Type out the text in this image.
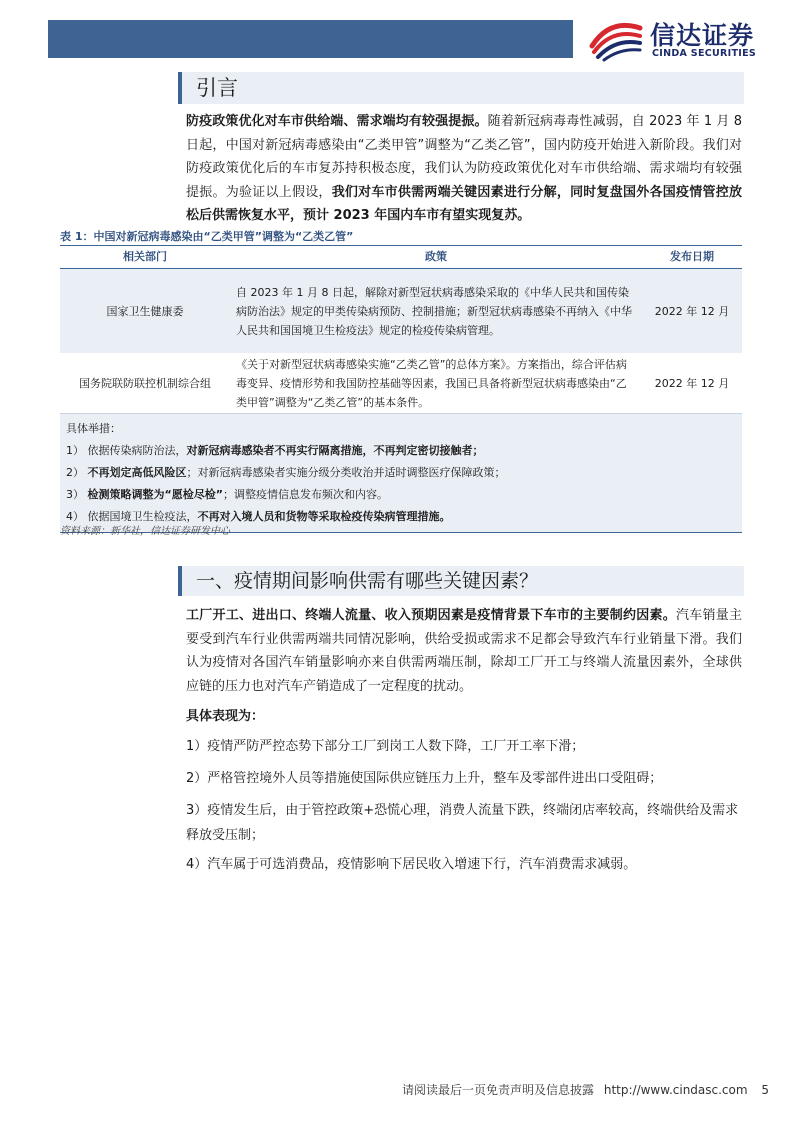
信达证券
CINDA SECURITIES
引言
防疫政策优化对车市供给端、需求端均有较强提振。随着新冠病毒毒性减弱，自 2023 年 1 月 8 日起，中国对新冠病毒感染由“乙类甲管”调整为“乙类乙管”，国内防疫开始进入新阶段。我们对防疫政策优化后的车市复苏持积极态度，我们认为防疫政策优化对车市供给端、需求端均有较强提振。为验证以上假设，我们对车市供需两端关键因素进行分解，同时复盘国外各国疫情管控放松后供需恢复水平，预计 2023 年国内车市有望实现复苏。
表 1：中国对新冠病毒感染由“乙类甲管”调整为“乙类乙管”
相关部门	政策	发布日期
国家卫生健康委
自 2023 年 1 月 8 日起，解除对新型冠状病毒感染采取的《中华人民共和国传染病防治法》规定的甲类传染病预防、控制措施；新型冠状病毒感染不再纳入《中华人民共和国国境卫生检疫法》规定的检疫传染病管理。
2022 年 12 月
国务院联防联控机制综合组
《关于对新型冠状病毒感染实施“乙类乙管”的总体方案》。方案指出，综合评估病毒变异、疫情形势和我国防控基础等因素，我国已具备将新型冠状病毒感染由“乙类甲管”调整为“乙类乙管”的基本条件。
2022 年 12 月
具体举措：
1） 依据传染病防治法，对新冠病毒感染者不再实行隔离措施，不再判定密切接触者；
2） 不再划定高低风险区；对新冠病毒感染者实施分级分类收治并适时调整医疗保障政策；
3） 检测策略调整为“愿检尽检”；调整疫情信息发布频次和内容。
4） 依据国境卫生检疫法，不再对入境人员和货物等采取检疫传染病管理措施。
资料来源：新华社，信达证券研发中心
一、疫情期间影响供需有哪些关键因素？
工厂开工、进出口、终端人流量、收入预期因素是疫情背景下车市的主要制约因素。汽车销量主要受到汽车行业供需两端共同情况影响，供给受损或需求不足都会导致汽车行业销量下滑。我们认为疫情对各国汽车销量影响亦来自供需两端压制，除却工厂开工与终端人流量因素外，全球供应链的压力也对汽车产销造成了一定程度的扰动。
具体表现为：
1）疫情严防严控态势下部分工厂到岗工人数下降，工厂开工率下滑；
2）严格管控境外人员等措施使国际供应链压力上升，整车及零部件进出口受阻碍；
3）疫情发生后，由于管控政策+恐慌心理，消费人流量下跌，终端闭店率较高，终端供给及需求释放受压制；
4）汽车属于可选消费品，疫情影响下居民收入增速下行，汽车消费需求减弱。
请阅读最后一页免责声明及信息披露 http://www.cindasc.com 5
